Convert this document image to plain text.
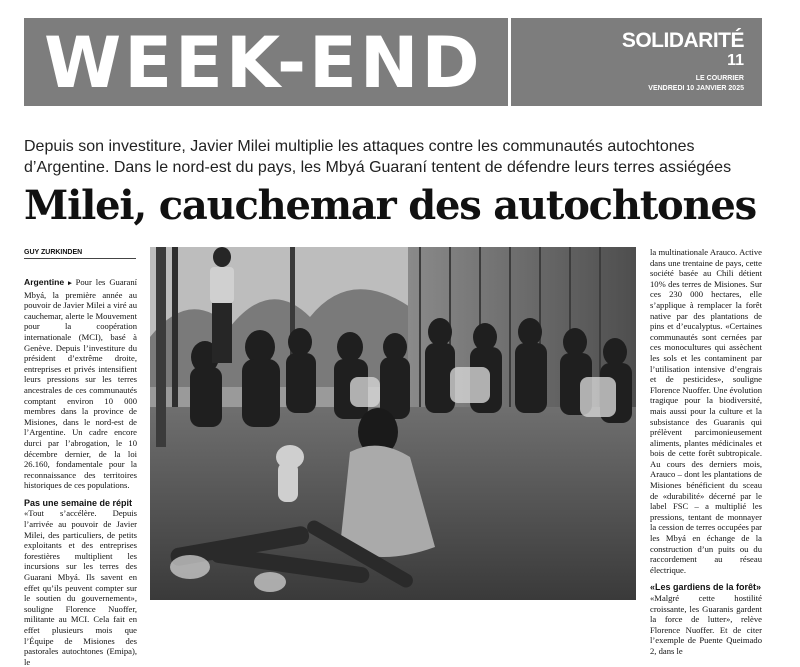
WEEK-END	SOLIDARITÉ
11
LE COURRIER
VENDREDI 10 JANVIER 2025
Depuis son investiture, Javier Milei multiplie les attaques contre les communautés autochtones d’Argentine. Dans le nord-est du pays, les Mbyá Guaraní tentent de défendre leurs terres assiégées
Milei, cauchemar des autochtones
GUY ZURKINDEN

Argentine ▸ Pour les Guaraní Mbyá, la première année au pouvoir de Javier Milei a viré au cauchemar, alerte le Mouvement pour la coopération internationale (MCI), basé à Genève. Depuis l’investiture du président d’extrême droite, entreprises et privés intensifient leurs pressions sur les terres ancestrales de ces communautés comptant environ 10 000 membres dans la province de Misiones, dans le nord-est de l’Argentine. Un cadre encore durci par l’abrogation, le 10 décembre dernier, de la loi 26.160, fondamentale pour la reconnaissance des territoires historiques de ces populations.

Pas une semaine de répit

«Tout s’accélère. Depuis l’arrivée au pouvoir de Javier Milei, des particuliers, de petits exploitants et des entreprises forestières multiplient les incursions sur les terres des Guarani Mbyá. Ils savent en effet qu’ils peuvent compter sur le soutien du gouvernement», souligne Florence Nuoffer, militante au MCI. Cela fait en effet plusieurs mois que l’Équipe de Misiones des pastorales autochtones (Emipa), le

la multinationale Arauco. Active dans une trentaine de pays, cette société basée au Chili détient 10% des terres de Misiones. Sur ces 230 000 hectares, elle s’applique à remplacer la forêt native par des plantations de pins et d’eucalyptus. «Certaines communautés sont cernées par ces monocultures qui assèchent les sols et les contaminent par l’utilisation intensive d’engrais et de pesticides», souligne Florence Nuoffer. Une évolution tragique pour la biodiversité, mais aussi pour la culture et la subsistance des Guaranis qui prélèvent parcimonieusement aliments, plantes médicinales et bois de cette forêt subtropicale. Au cours des derniers mois, Arauco – dont les plantations de Misiones bénéficient du sceau de «durabilité» décerné par le label FSC – a multiplié les pressions, tentant de monnayer la cession de terres occupées par les Mbyá en échange de la construction d’un puits ou du raccordement au réseau électrique.

«Les gardiens de la forêt»

«Malgré cette hostilité croissante, les Guaranis gardent la force de lutter», relève Florence Nuoffer. Et de citer l’exemple de Puente Queimado 2, dans le
